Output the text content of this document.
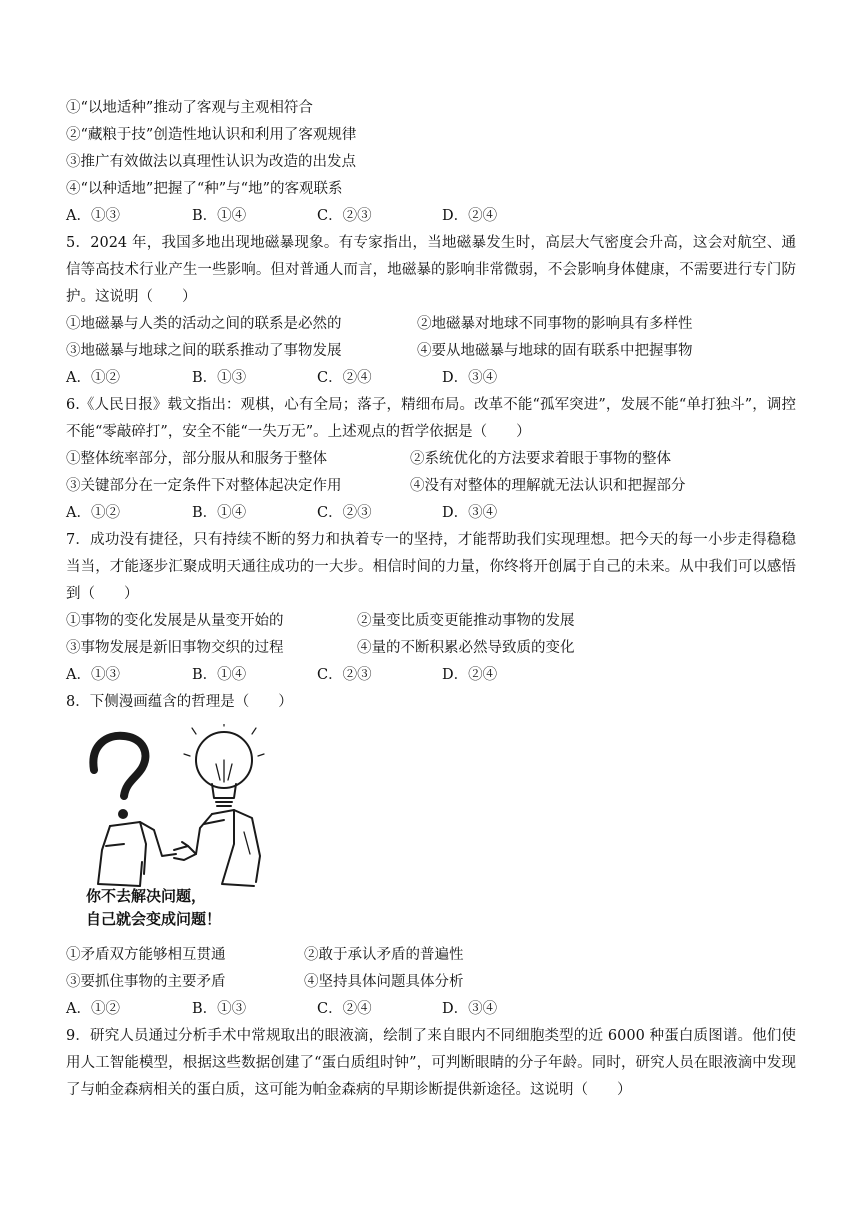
①“以地适种”推动了客观与主观相符合
②“藏粮于技”创造性地认识和利用了客观规律
③推广有效做法以真理性认识为改造的出发点
④“以种适地”把握了“种”与“地”的客观联系
A．①③	B．①④	C．②③	D．②④
5．2024 年，我国多地出现地磁暴现象。有专家指出，当地磁暴发生时，高层大气密度会升高，这会对航空、通信等高技术行业产生一些影响。但对普通人而言，地磁暴的影响非常微弱，不会影响身体健康，不需要进行专门防护。这说明（　　）
①地磁暴与人类的活动之间的联系是必然的	②地磁暴对地球不同事物的影响具有多样性
③地磁暴与地球之间的联系推动了事物发展	④要从地磁暴与地球的固有联系中把握事物
A．①②	B．①③	C．②④	D．③④
6.《人民日报》载文指出：观棋，心有全局；落子，精细布局。改革不能“孤军突进”，发展不能“单打独斗”，调控不能“零敲碎打”，安全不能“一失万无”。上述观点的哲学依据是（　　）
①整体统率部分，部分服从和服务于整体	②系统优化的方法要求着眼于事物的整体
③关键部分在一定条件下对整体起决定作用	④没有对整体的理解就无法认识和把握部分
A．①②	B．①④	C．②③	D．③④
7．成功没有捷径，只有持续不断的努力和执着专一的坚持，才能帮助我们实现理想。把今天的每一小步走得稳稳当当，才能逐步汇聚成明天通往成功的一大步。相信时间的力量，你终将开创属于自己的未来。从中我们可以感悟到（　　）
①事物的变化发展是从量变开始的	②量变比质变更能推动事物的发展
③事物发展是新旧事物交织的过程	④量的不断积累必然导致质的变化
A．①③	B．①④	C．②③	D．②④
8．下侧漫画蕴含的哲理是（　　）
你不去解决问题，
自己就会变成问题！
①矛盾双方能够相互贯通	②敢于承认矛盾的普遍性
③要抓住事物的主要矛盾	④坚持具体问题具体分析
A．①②	B．①③	C．②④	D．③④
9．研究人员通过分析手术中常规取出的眼液滴，绘制了来自眼内不同细胞类型的近 6000 种蛋白质图谱。他们使用人工智能模型，根据这些数据创建了“蛋白质组时钟”，可判断眼睛的分子年龄。同时，研究人员在眼液滴中发现了与帕金森病相关的蛋白质，这可能为帕金森病的早期诊断提供新途径。这说明（　　）
